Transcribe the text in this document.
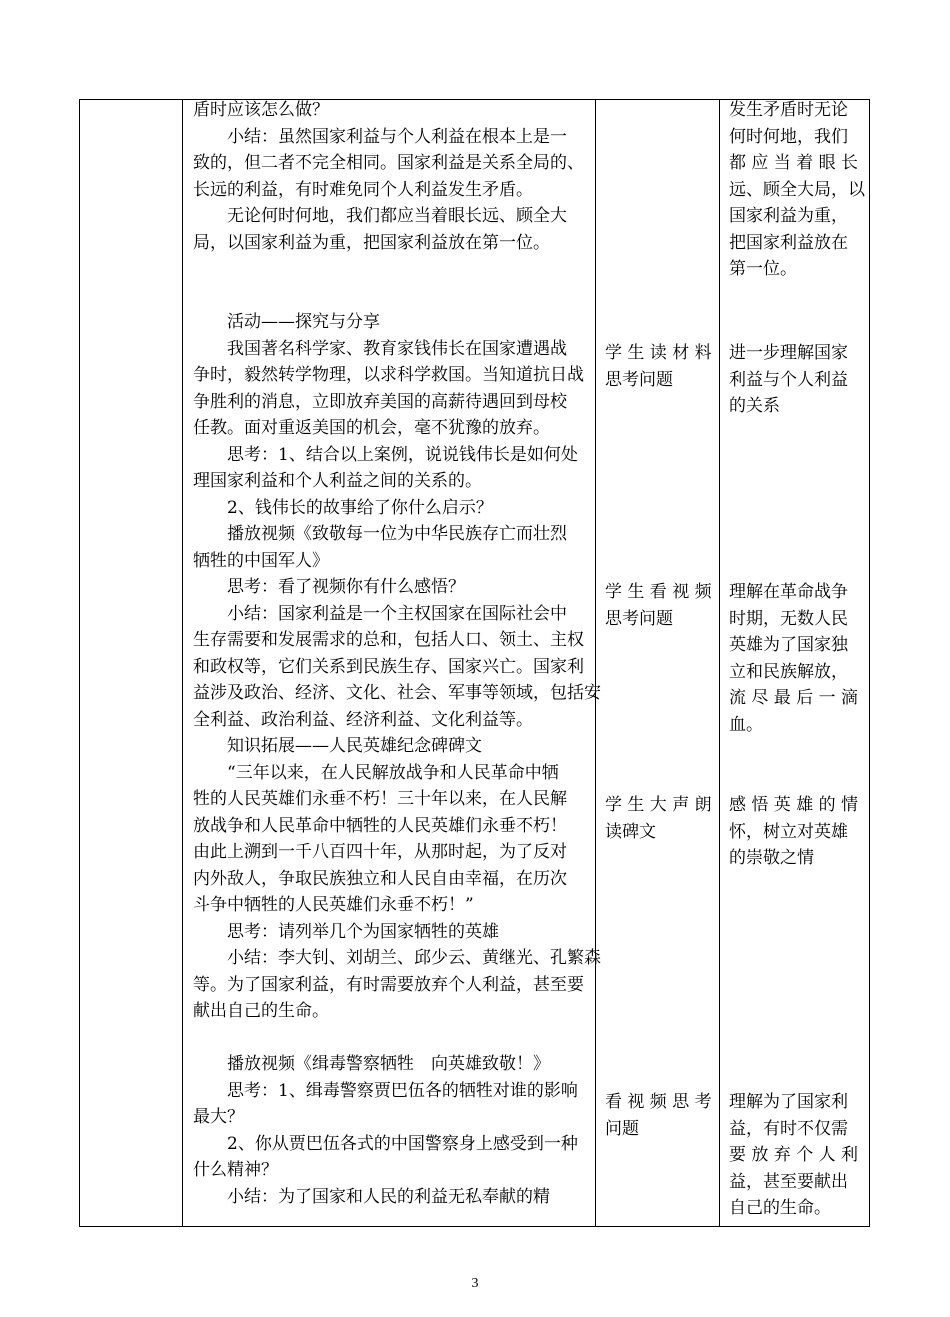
盾时应该怎么做？

小结：虽然国家利益与个人利益在根本上是一

致的，但二者不完全相同。国家利益是关系全局的、

长远的利益，有时难免同个人利益发生矛盾。

无论何时何地，我们都应当着眼长远、顾全大

局，以国家利益为重，把国家利益放在第一位。

活动——探究与分享

我国著名科学家、教育家钱伟长在国家遭遇战

争时，毅然转学物理，以求科学救国。当知道抗日战

争胜利的消息，立即放弃美国的高薪待遇回到母校

任教。面对重返美国的机会，毫不犹豫的放弃。

思考：1、结合以上案例，说说钱伟长是如何处

理国家利益和个人利益之间的关系的。

2、钱伟长的故事给了你什么启示？

播放视频《致敬每一位为中华民族存亡而壮烈

牺牲的中国军人》

思考：看了视频你有什么感悟？

小结：国家利益是一个主权国家在国际社会中

生存需要和发展需求的总和，包括人口、领土、主权

和政权等，它们关系到民族生存、国家兴亡。国家利

益涉及政治、经济、文化、社会、军事等领域，包括安

全利益、政治利益、经济利益、文化利益等。

知识拓展——人民英雄纪念碑碑文

“三年以来，在人民解放战争和人民革命中牺

牲的人民英雄们永垂不朽！三十年以来，在人民解

放战争和人民革命中牺牲的人民英雄们永垂不朽！

由此上溯到一千八百四十年，从那时起，为了反对

内外敌人，争取民族独立和人民自由幸福，在历次

斗争中牺牲的人民英雄们永垂不朽！”

思考：请列举几个为国家牺牲的英雄

小结：李大钊、刘胡兰、邱少云、黄继光、孔繁森

等。为了国家利益，有时需要放弃个人利益，甚至要

献出自己的生命。

播放视频《缉毒警察牺牲　向英雄致敬！》

思考：1、缉毒警察贾巴伍各的牺牲对谁的影响

最大？

2、你从贾巴伍各式的中国警察身上感受到一种

什么精神？

小结：为了国家和人民的利益无私奉献的精

学 生 读 材 料

思考问题

学 生 看 视 频

思考问题

学 生 大 声 朗

读碑文

看 视 频 思 考

问题

发生矛盾时无论

何时何地，我们

都 应 当 着 眼 长

远、顾全大局，以

国家利益为重，

把国家利益放在

第一位。

进一步理解国家

利益与个人利益

的关系

理解在革命战争

时期，无数人民

英雄为了国家独

立和民族解放，

流 尽 最 后 一 滴

血。

感 悟 英 雄 的 情

怀，树立对英雄

的崇敬之情

理解为了国家利

益，有时不仅需

要 放 弃 个 人 利

益，甚至要献出

自己的生命。

3
